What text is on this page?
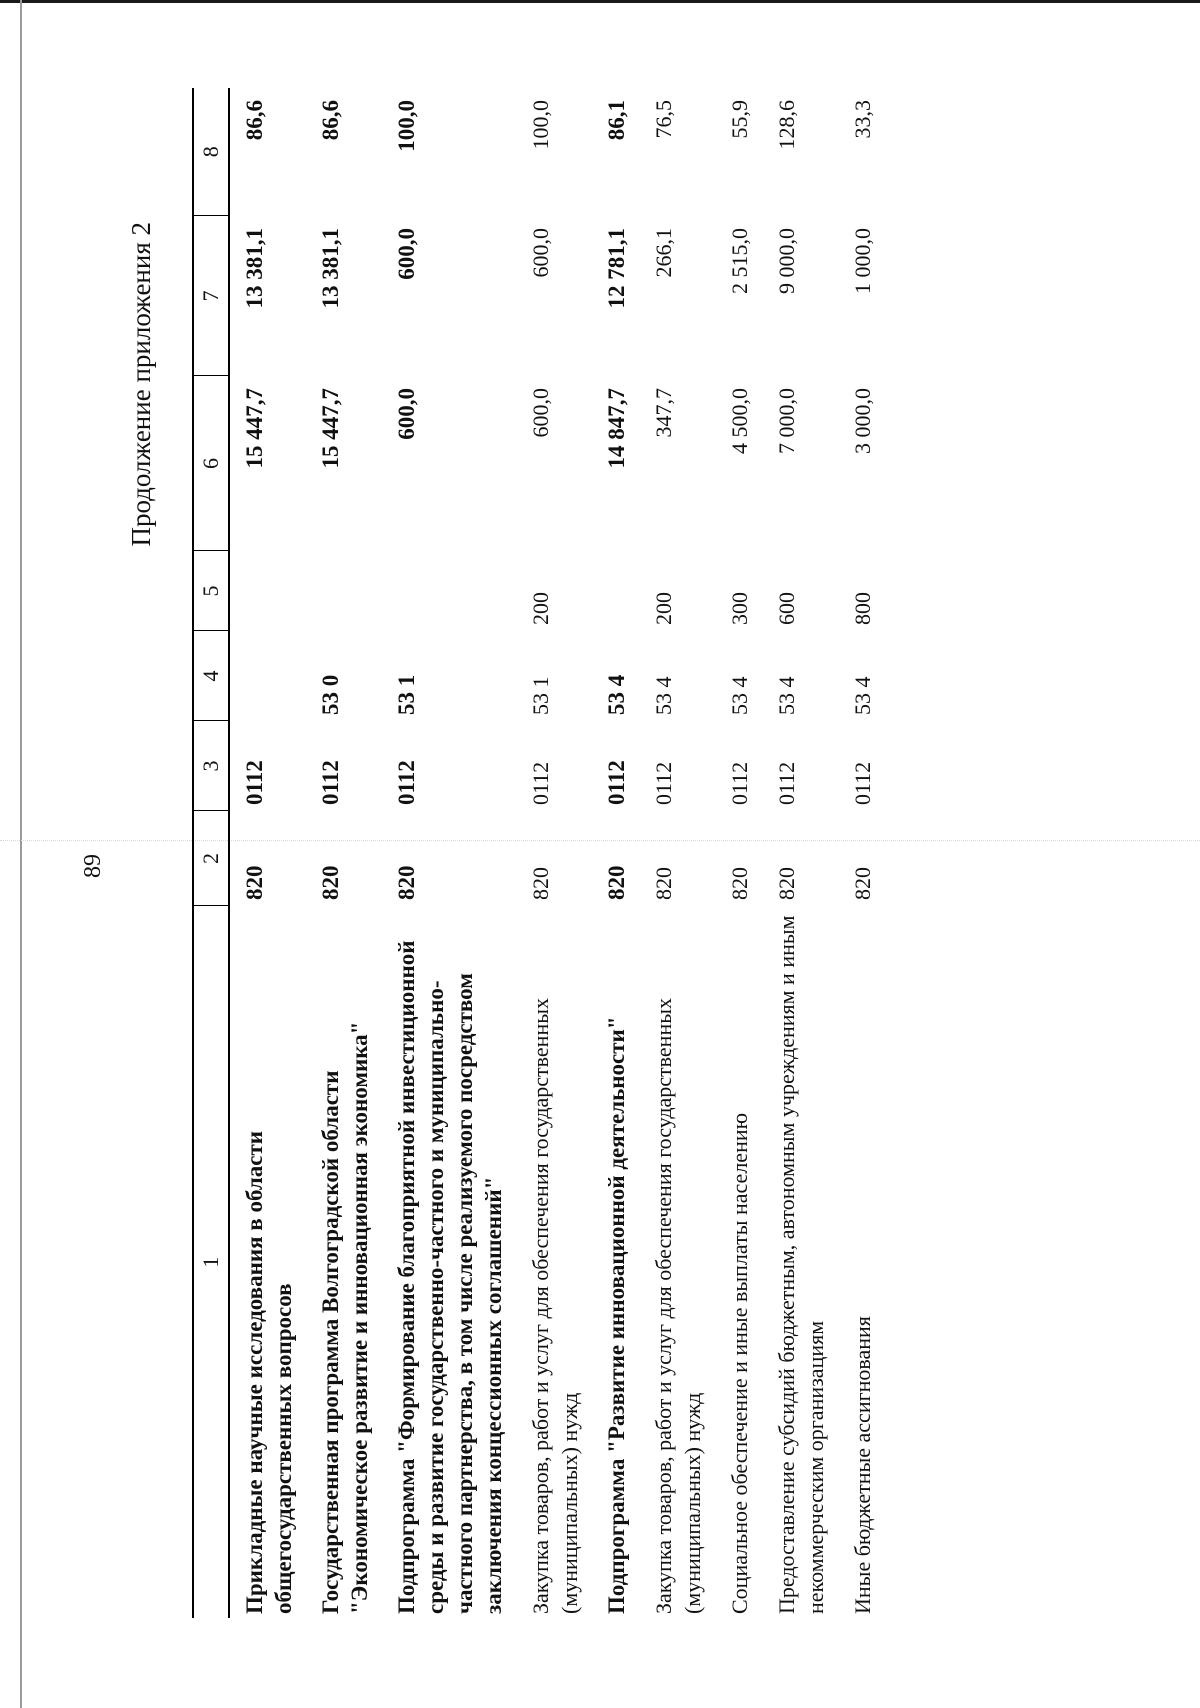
89
Продолжение приложения 2
1	2	3	4	5	6	7	8
Прикладные научные исследования в области общегосударственных вопросов	820	0112			15 447,7	13 381,1	86,6
Государственная программа Волгоградской области "Экономическое развитие и инновационная экономика"	820	0112	53 0		15 447,7	13 381,1	86,6
Подпрограмма "Формирование благоприятной инвестиционной среды и развитие государственно-частного и муниципально-частного партнерства, в том числе реализуемого посредством заключения концессионных соглашений"	820	0112	53 1		600,0	600,0	100,0
Закупка товаров, работ и услуг для обеспечения государственных (муниципальных) нужд	820	0112	53 1	200	600,0	600,0	100,0
Подпрограмма "Развитие инновационной деятельности"	820	0112	53 4		14 847,7	12 781,1	86,1
Закупка товаров, работ и услуг для обеспечения государственных (муниципальных) нужд	820	0112	53 4	200	347,7	266,1	76,5
Социальное обеспечение и иные выплаты населению	820	0112	53 4	300	4 500,0	2 515,0	55,9
Предоставление субсидий бюджетным, автономным учреждениям и иным некоммерческим организациям	820	0112	53 4	600	7 000,0	9 000,0	128,6
Иные бюджетные ассигнования	820	0112	53 4	800	3 000,0	1 000,0	33,3
